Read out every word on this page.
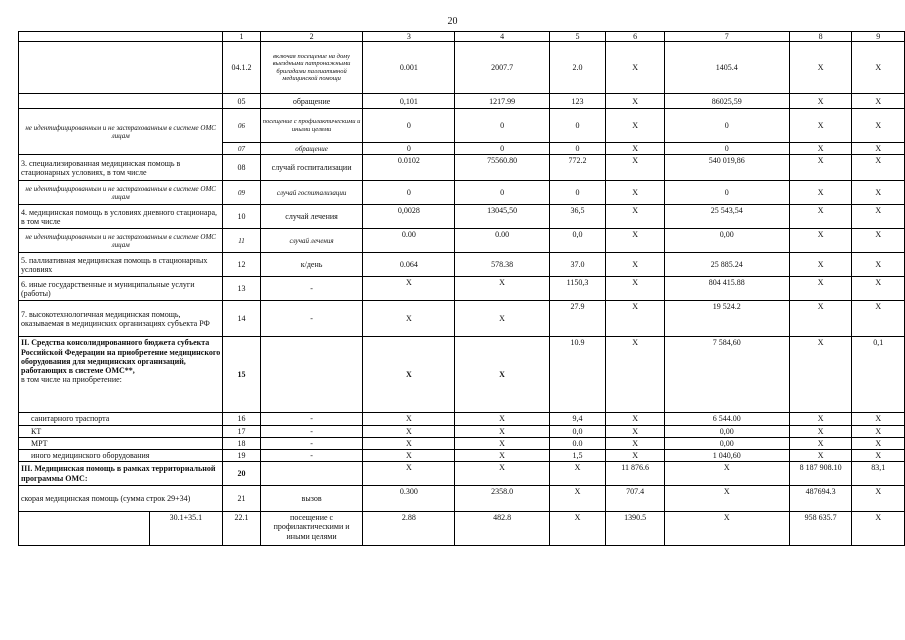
20
		1	2	3	4	5	6	7	8	9
		04.1.2	включая посещение на дому выездными патронажными бригадами паллиативной медицинской помощи	0.001	2007.7	2.0	X	1405.4	X	X
		05	обращение	0,101	1217.99	123	X	86025,59	X	X
не идентифицированным и не застрахованным в системе ОМС лицам		06	посещение с профилактическими и иными целями	0	0	0	X	0	X	X
		07	обращение	0	0	0	X	0	X	X
3. специализированная медицинская помощь в стационарных условиях, в том числе		08	случай госпитализации	0.0102	75560.80	772.2	X	540 019,86	X	X
не идентифицированным и не застрахованным в системе ОМС лицам		09	случай госпитализации	0	0	0	X	0	X	X
4. медицинская помощь в условиях дневного стационара, в том числе		10	случай лечения	0,0028	13045,50	36,5	X	25 543,54	X	X
не идентифицированным и не застрахованным в системе ОМС лицам		11	случай лечения	0.00	0.00	0,0	X	0,00	X	X
5. паллиативная медицинская помощь в стационарных условиях		12	к/день	0.064	578.38	37.0	X	25 885.24	X	X
6. иные государственные и муниципальные услуги (работы)		13	-	X	X	1150,3	X	804 415.88	X	X
7. высокотехнологичная медицинская помощь, оказываемая в медицинских организациях субъекта РФ		14	-	X	X	27.9	X	19 524.2	X	X
II. Средства консолидированного бюджета субъекта Российской Федерации на приобретение медицинского оборудования для медицинских организаций, работающих в системе ОМС**,
в том числе на приобретение:		15		X	X	10.9	X	7 584,60	X	0,1
санитарного траспорта		16	-	X	X	9,4	X	6 544.00	X	X
КТ		17	-	X	X	0,0	X	0,00	X	X
МРТ		18	-	X	X	0.0	X	0,00	X	X
иного медицинского оборудования		19	-	X	X	1,5	X	1 040,60	X	X
III. Медицинская помощь в рамках территориальной программы ОМС:		20		X	X	X	11 876.6	X	8 187 908.10	83,1
скорая медицинская помощь (сумма строк 29+34)		21	вызов	0.300	2358.0	X	707.4	X	487694.3	X
	30.1+35.1	22.1	посещение с профилактическими и иными целями	2.88	482.8	X	1390.5	X	958 635.7	X
